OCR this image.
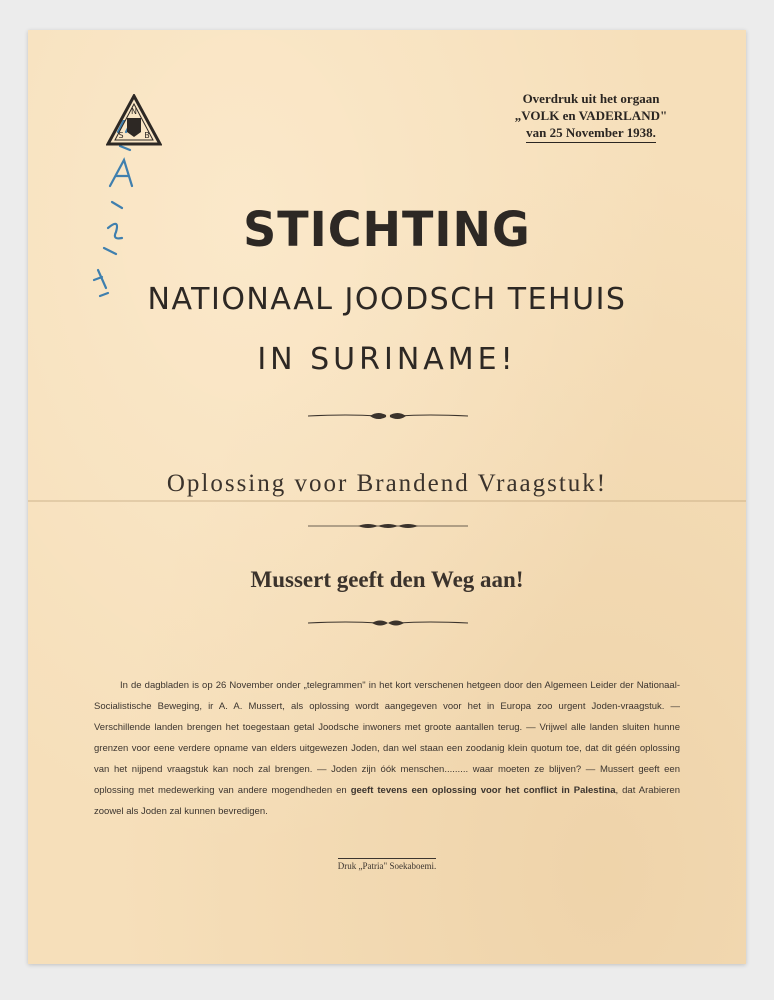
N
S	B
Overdruk uit het orgaan
„VOLK en VADERLAND"
van 25 November 1938.
STICHTING
NATIONAAL JOODSCH TEHUIS
IN SURINAME!
Oplossing voor Brandend Vraagstuk!
Mussert geeft den Weg aan!
In de dagbladen is op 26 November onder „telegrammen" in het kort verschenen hetgeen door den Algemeen Leider der Nationaal-Socialistische Beweging, ir A. A. Mussert, als oplossing wordt aangegeven voor het in Europa zoo urgent Joden-vraagstuk. — Verschillende landen brengen het toegestaan getal Joodsche inwoners met groote aantallen terug. — Vrijwel alle landen sluiten hunne grenzen voor eene verdere opname van elders uitgewezen Joden, dan wel staan een zoodanig klein quotum toe, dat dit géén oplossing van het nijpend vraagstuk kan noch zal brengen. — Joden zijn óók menschen......... waar moeten ze blijven? — Mussert geeft een oplossing met medewerking van andere mogendheden en geeft tevens een oplossing voor het conflict in Palestina, dat Arabieren zoowel als Joden zal kunnen bevredigen.
Druk „Patria" Soekaboemi.
